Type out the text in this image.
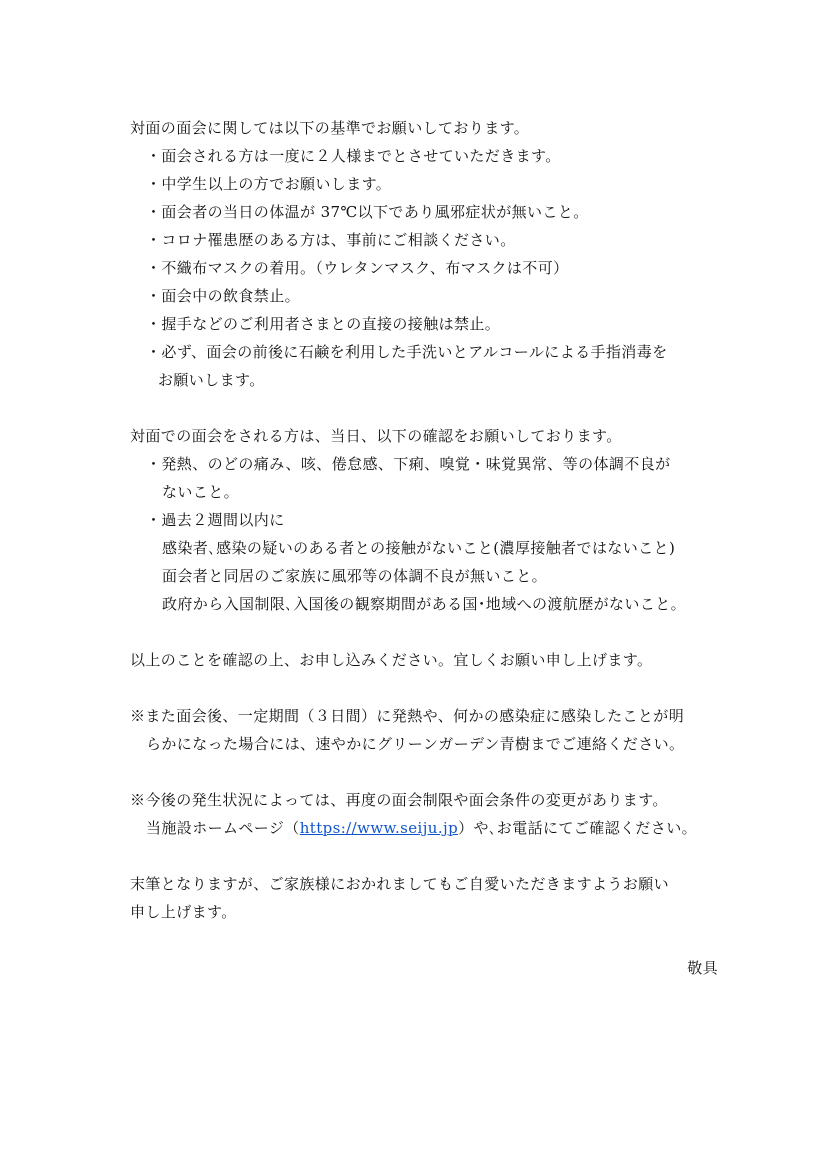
対面の面会に関しては以下の基準でお願いしております。
・面会される方は一度に２人様までとさせていただきます。
・中学生以上の方でお願いします。
・面会者の当日の体温が 37℃以下であり風邪症状が無いこと。
・コロナ罹患歴のある方は、事前にご相談ください。
・不織布マスクの着用。（ウレタンマスク、布マスクは不可）
・面会中の飲食禁止。
・握手などのご利用者さまとの直接の接触は禁止。
・必ず、面会の前後に石鹸を利用した手洗いとアルコールによる手指消毒を
お願いします。
対面での面会をされる方は、当日、以下の確認をお願いしております。
・発熱、のどの痛み、咳、倦怠感、下痢、嗅覚・味覚異常、等の体調不良が
ないこと。
・過去２週間以内に
感染者､感染の疑いのある者との接触がないこと(濃厚接触者ではないこと)
面会者と同居のご家族に風邪等の体調不良が無いこと。
政府から入国制限､入国後の観察期間がある国･地域への渡航歴がないこと。
以上のことを確認の上、お申し込みください。宜しくお願い申し上げます。
※また面会後、一定期間（３日間）に発熱や、何かの感染症に感染したことが明
らかになった場合には、速やかにグリーンガーデン青樹までご連絡ください。
※今後の発生状況によっては、再度の面会制限や面会条件の変更があります。
当施設ホームページ（https://www.seiju.jp）や､お電話にてご確認ください。
末筆となりますが、ご家族様におかれましてもご自愛いただきますようお願い
申し上げます。
敬具
